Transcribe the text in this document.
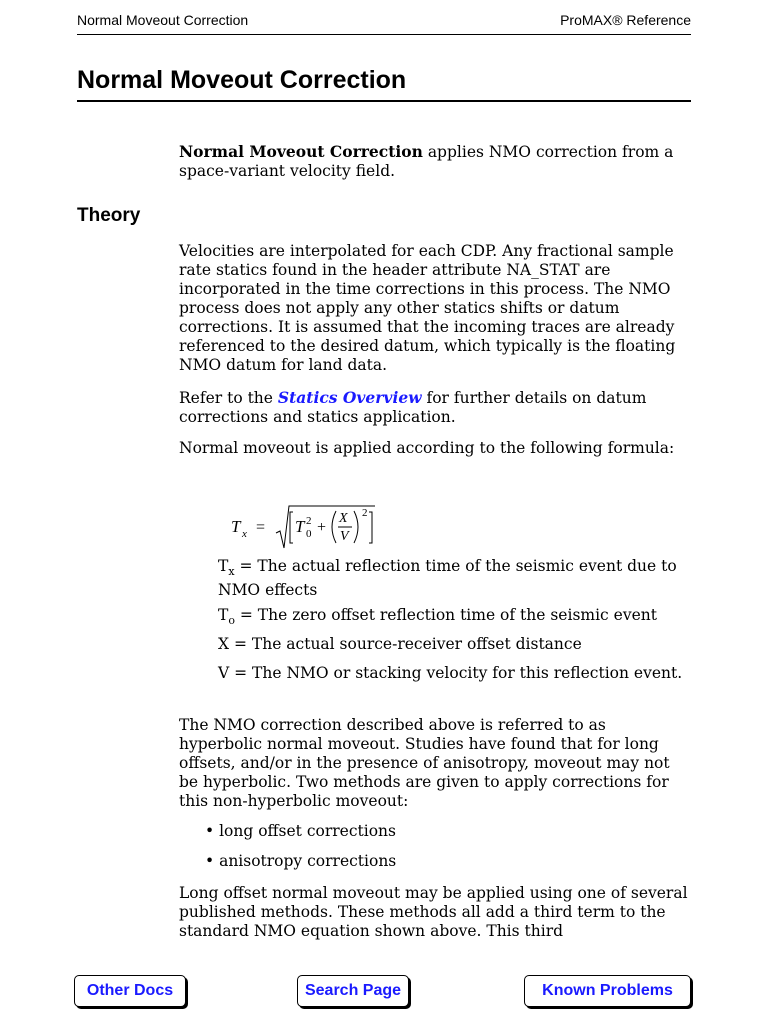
Normal Moveout Correction	ProMAX® Reference
Normal Moveout Correction

Normal Moveout Correction applies NMO correction from a space-variant velocity field.

Theory

Velocities are interpolated for each CDP. Any fractional sample rate statics found in the header attribute NA_STAT are incorporated in the time corrections in this process. The NMO process does not apply any other statics shifts or datum corrections. It is assumed that the incoming traces are already referenced to the desired datum, which typically is the floating NMO datum for land data.

Refer to the Statics Overview for further details on datum corrections and statics application.

Normal moveout is applied according to the following formula:

T x = T 2
0 +
X
V
2

$T_x$ = The actual reflection time of the seismic event due to NMO effects

$T_o$ = The zero offset reflection time of the seismic event

X = The actual source-receiver offset distance

V = The NMO or stacking velocity for this reflection event.

The NMO correction described above is referred to as hyperbolic normal moveout. Studies have found that for long offsets, and/or in the presence of anisotropy, moveout may not be hyperbolic. Two methods are given to apply corrections for this non-hyperbolic moveout:

• long offset corrections

• anisotropy corrections

Long offset normal moveout may be applied using one of several published methods. These methods all add a third term to the standard NMO equation shown above. This third

Other Docs	Search Page	Known Problems
